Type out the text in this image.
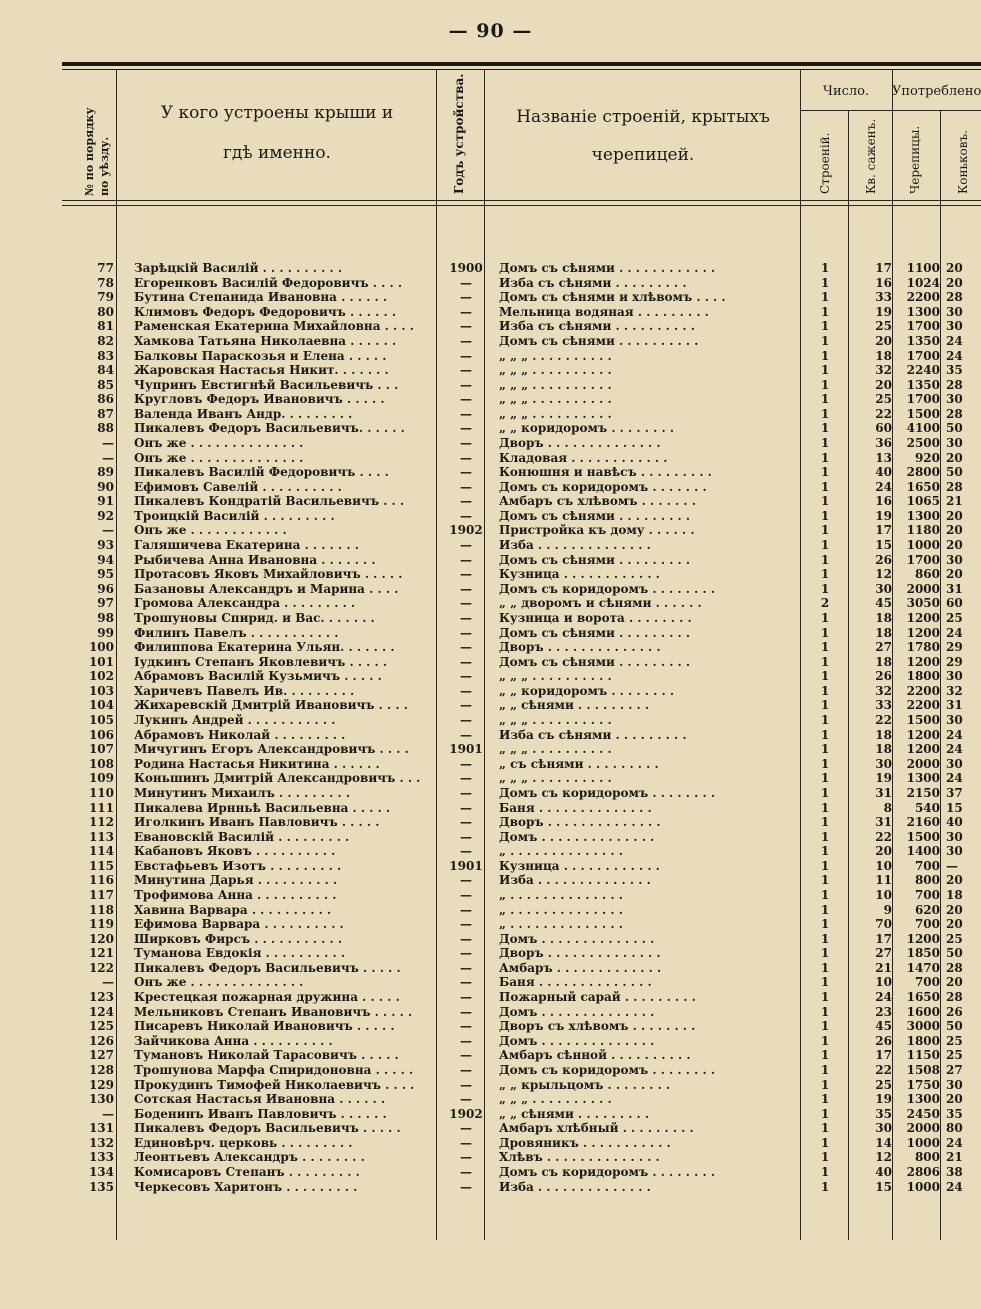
— 90 —
№ по порядку по уѣзду.
У кого устроены крыши и
гдѣ именно.	Годъ устройства.	Названіе строеній, крытыхъ
черепицей.
Число.	Употреблено
Строеній.	Кв. саженъ.	Черепицы.	Коньковъ.
77 Зарѣцкій Василій . . . . . . . . . .	1900	Домъ съ сѣнями . . . . . . . . . . . .	1	17	1100 20
78 Егоренковъ Василій Федоровичъ . . . .	—	Изба съ сѣнями . . . . . . . . .	1	16	1024 20
79 Бутина Степанида Ивановна . . . . . .	—	Домъ съ сѣнями и хлѣвомъ . . . .	1	33	2200 28
80 Климовъ Федоръ Федоровичъ . . . . . .	—	Мельница водяная . . . . . . . . .	1	19	1300 30
81 Раменская Екатерина Михайловна . . . .	—	Изба съ сѣнями . . . . . . . . . .	1	25	1700 30
82 Хамкова Татьяна Николаевна . . . . . .	—	Домъ съ сѣнями . . . . . . . . . .	1	20	1350 24
83 Балковы Параскозья и Елена . . . . .	—	„ „ „ . . . . . . . . . .	1	18	1700 24
84 Жаровская Настасья Никит. . . . . . .	—	„ „ „ . . . . . . . . . .	1	32	2240 35
85 Чупринъ Евстигнѣй Васильевичъ . . .	—	„ „ „ . . . . . . . . . .	1	20	1350 28
86 Кругловъ Федоръ Ивановичъ . . . . .	—	„ „ „ . . . . . . . . . .	1	25	1700 30
87 Валенда Иванъ Андр. . . . . . . . .	—	„ „ „ . . . . . . . . . .	1	22	1500 28
88 Пикалевъ Федоръ Васильевичъ. . . . . .	—	„ „ коридоромъ . . . . . . . .	1	60	4100 50
— Онъ же . . . . . . . . . . . . . .	—	Дворъ . . . . . . . . . . . . . .	1	36	2500 30
— Онъ же . . . . . . . . . . . . . .	—	Кладовая . . . . . . . . . . . .	1	13	920 20
89 Пикалевъ Василій Федоровичъ . . . .	—	Конюшня и навѣсъ . . . . . . . . .	1	40	2800 50
90 Ефимовъ Савелій . . . . . . . . . .	—	Домъ съ коридоромъ . . . . . . .	1	24	1650 28
91 Пикалевъ Кондратій Васильевичъ . . .	—	Амбаръ съ хлѣвомъ . . . . . . .	1	16	1065 21
92 Троицкій Василій . . . . . . . . .	—	Домъ съ сѣнями . . . . . . . . .	1	19	1300 20
— Онъ же . . . . . . . . . . . .	1902	Пристройка къ дому . . . . . .	1	17	1180 20
93 Галяшичева Екатерина . . . . . . .	—	Изба . . . . . . . . . . . . . .	1	15	1000 20
94 Рыбичева Анна Ивановна . . . . . . .	—	Домъ съ сѣнями . . . . . . . . .	1	26	1700 30
95 Протасовъ Яковъ Михайловичъ . . . . .	—	Кузница . . . . . . . . . . . .	1	12	860 20
96 Базановы Александръ и Марина . . . .	—	Домъ съ коридоромъ . . . . . . . .	1	30	2000 31
97 Громова Александра . . . . . . . . .	—	„ „ дворомъ и сѣнями . . . . . .	2	45	3050 60
98 Трошуновы Спирид. и Вас. . . . . . .	—	Кузница и ворота . . . . . . . .	1	18	1200 25
99 Филинъ Павелъ . . . . . . . . . . .	—	Домъ съ сѣнями . . . . . . . . .	1	18	1200 24
100 Филиппова Екатерина Ульян. . . . . . .	—	Дворъ . . . . . . . . . . . . . .	1	27	1780 29
101 Іудкинъ Степанъ Яковлевичъ . . . . .	—	Домъ съ сѣнями . . . . . . . . .	1	18	1200 29
102 Абрамовъ Василій Кузьмичъ . . . . .	—	„ „ „ . . . . . . . . . .	1	26	1800 30
103 Харичевъ Павелъ Ив. . . . . . . . .	—	„ „ коридоромъ . . . . . . . .	1	32	2200 32
104 Жихаревскій Дмитрій Ивановичъ . . . .	—	„ „ сѣнями . . . . . . . . .	1	33	2200 31
105 Лукинъ Андрей . . . . . . . . . . .	—	„ „ „ . . . . . . . . . .	1	22	1500 30
106 Абрамовъ Николай . . . . . . . . .	—	Изба съ сѣнями . . . . . . . . .	1	18	1200 24
107 Мичугинъ Егоръ Александровичъ . . . .	1901	„ „ „ . . . . . . . . . .	1	18	1200 24
108 Родина Настасья Никитина . . . . . .	—	„ съ сѣнями . . . . . . . . .	1	30	2000 30
109 Коньшинъ Дмитрій Александровичъ . . .	—	„ „ „ . . . . . . . . . .	1	19	1300 24
110 Минутинъ Михаилъ . . . . . . . . .	—	Домъ съ коридоромъ . . . . . . . .	1	31	2150 37
111 Пикалева Ирнньѣ Васильевна . . . . .	—	Баня . . . . . . . . . . . . . .	1	8	540 15
112 Иголкинъ Иванъ Павловичъ . . . . .	—	Дворъ . . . . . . . . . . . . . .	1	31	2160 40
113 Евановскій Василій . . . . . . . . .	—	Домъ . . . . . . . . . . . . . .	1	22	1500 30
114 Кабановъ Яковъ . . . . . . . . . .	—	„ . . . . . . . . . . . . . .	1	20	1400 30
115 Евстафьевъ Изотъ . . . . . . . . .	1901	Кузница . . . . . . . . . . . .	1	10	700 —
116 Минутина Дарья . . . . . . . . . .	—	Изба . . . . . . . . . . . . . .	1	11	800 20
117 Трофимова Анна . . . . . . . . . .	—	„ . . . . . . . . . . . . . .	1	10	700 18
118 Хавина Варвара . . . . . . . . . .	—	„ . . . . . . . . . . . . . .	1	9	620 20
119 Ефимова Варвара . . . . . . . . . .	—	„ . . . . . . . . . . . . . .	1	70	700 20
120 Ширковъ Фирсъ . . . . . . . . . . .	—	Домъ . . . . . . . . . . . . . .	1	17	1200 25
121 Туманова Евдокія . . . . . . . . . .	—	Дворъ . . . . . . . . . . . . . .	1	27	1850 50
122 Пикалевъ Федоръ Васильевичъ . . . . .	—	Амбаръ . . . . . . . . . . . . .	1	21	1470 28
— Онъ же . . . . . . . . . . . . . .	—	Баня . . . . . . . . . . . . . .	1	10	700 20
123 Крестецкая пожарная дружина . . . . .	—	Пожарный сарай . . . . . . . . .	1	24	1650 28
124 Мельниковъ Степанъ Ивановичъ . . . . .	—	Домъ . . . . . . . . . . . . . .	1	23	1600 26
125 Писаревъ Николай Ивановичъ . . . . .	—	Дворъ съ хлѣвомъ . . . . . . . .	1	45	3000 50
126 Зайчикова Анна . . . . . . . . . .	—	Домъ . . . . . . . . . . . . . .	1	26	1800 25
127 Тумановъ Николай Тарасовичъ . . . . .	—	Амбаръ сѣнной . . . . . . . . . .	1	17	1150 25
128 Трошунова Марфа Спиридоновна . . . . .	—	Домъ съ коридоромъ . . . . . . . .	1	22	1508 27
129 Прокудинъ Тимофей Николаевичъ . . . .	—	„ „ крыльцомъ . . . . . . . .	1	25	1750 30
130 Сотская Настасья Ивановна . . . . . .	—	„ „ „ . . . . . . . . . .	1	19	1300 20
— Боденинъ Иванъ Павловичъ . . . . . .	1902	„ „ сѣнями . . . . . . . . .	1	35	2450 35
131 Пикалевъ Федоръ Васильевичъ . . . . .	—	Амбаръ хлѣбный . . . . . . . . .	1	30	2000 80
132 Единовѣрч. церковь . . . . . . . . .	—	Дровяникъ . . . . . . . . . . .	1	14	1000 24
133 Леонтьевъ Александръ . . . . . . . .	—	Хлѣвъ . . . . . . . . . . . . . .	1	12	800 21
134 Комисаровъ Степанъ . . . . . . . . .	—	Домъ съ коридоромъ . . . . . . . .	1	40	2806 38
135 Черкесовъ Харитонъ . . . . . . . . .	—	Изба . . . . . . . . . . . . . .	1	15	1000 24
